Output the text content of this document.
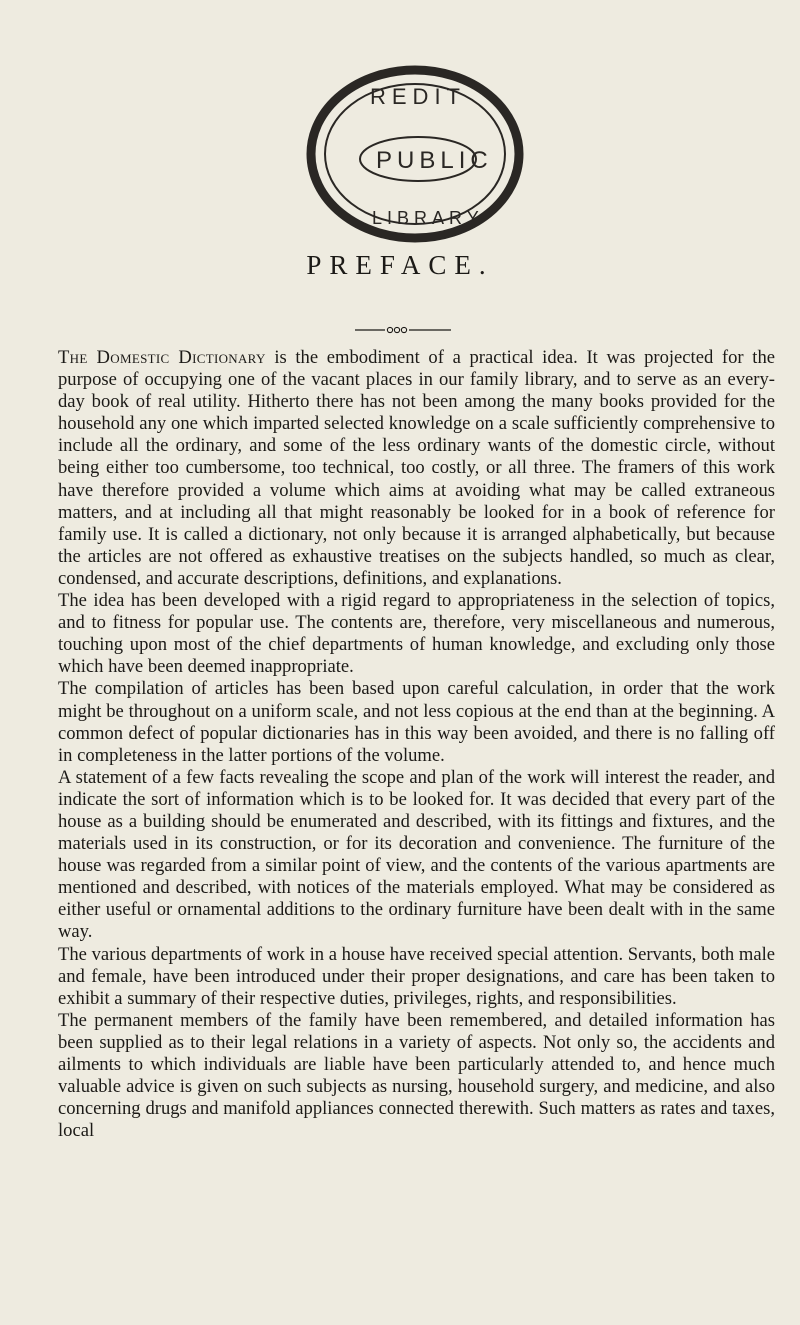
REDIT
PUBLIC
LIBRARY
PREFACE.

The Domestic Dictionary is the embodiment of a practical idea. It was projected for the purpose of occupying one of the vacant places in our family library, and to serve as an every-day book of real utility. Hitherto there has not been among the many books provided for the household any one which imparted selected knowledge on a scale sufficiently comprehensive to include all the ordinary, and some of the less ordinary wants of the domestic circle, without being either too cumbersome, too technical, too costly, or all three. The framers of this work have therefore provided a volume which aims at avoiding what may be called extraneous matters, and at including all that might reasonably be looked for in a book of reference for family use. It is called a dictionary, not only because it is arranged alphabetically, but because the articles are not offered as exhaustive treatises on the subjects handled, so much as clear, condensed, and accurate descriptions, definitions, and explanations.

The idea has been developed with a rigid regard to appropriateness in the selection of topics, and to fitness for popular use. The contents are, therefore, very miscellaneous and numerous, touching upon most of the chief departments of human knowledge, and excluding only those which have been deemed inappropriate.

The compilation of articles has been based upon careful calculation, in order that the work might be throughout on a uniform scale, and not less copious at the end than at the beginning. A common defect of popular dictionaries has in this way been avoided, and there is no falling off in completeness in the latter portions of the volume.

A statement of a few facts revealing the scope and plan of the work will interest the reader, and indicate the sort of information which is to be looked for. It was decided that every part of the house as a building should be enumerated and described, with its fittings and fixtures, and the materials used in its construction, or for its decoration and convenience. The furniture of the house was regarded from a similar point of view, and the contents of the various apartments are mentioned and described, with notices of the materials employed. What may be considered as either useful or ornamental additions to the ordinary furniture have been dealt with in the same way.

The various departments of work in a house have received special attention. Servants, both male and female, have been introduced under their proper designations, and care has been taken to exhibit a summary of their respective duties, privileges, rights, and responsibilities.

The permanent members of the family have been remembered, and detailed information has been supplied as to their legal relations in a variety of aspects. Not only so, the accidents and ailments to which individuals are liable have been particularly attended to, and hence much valuable advice is given on such subjects as nursing, household surgery, and medicine, and also concerning drugs and manifold appliances connected therewith. Such matters as rates and taxes, local
